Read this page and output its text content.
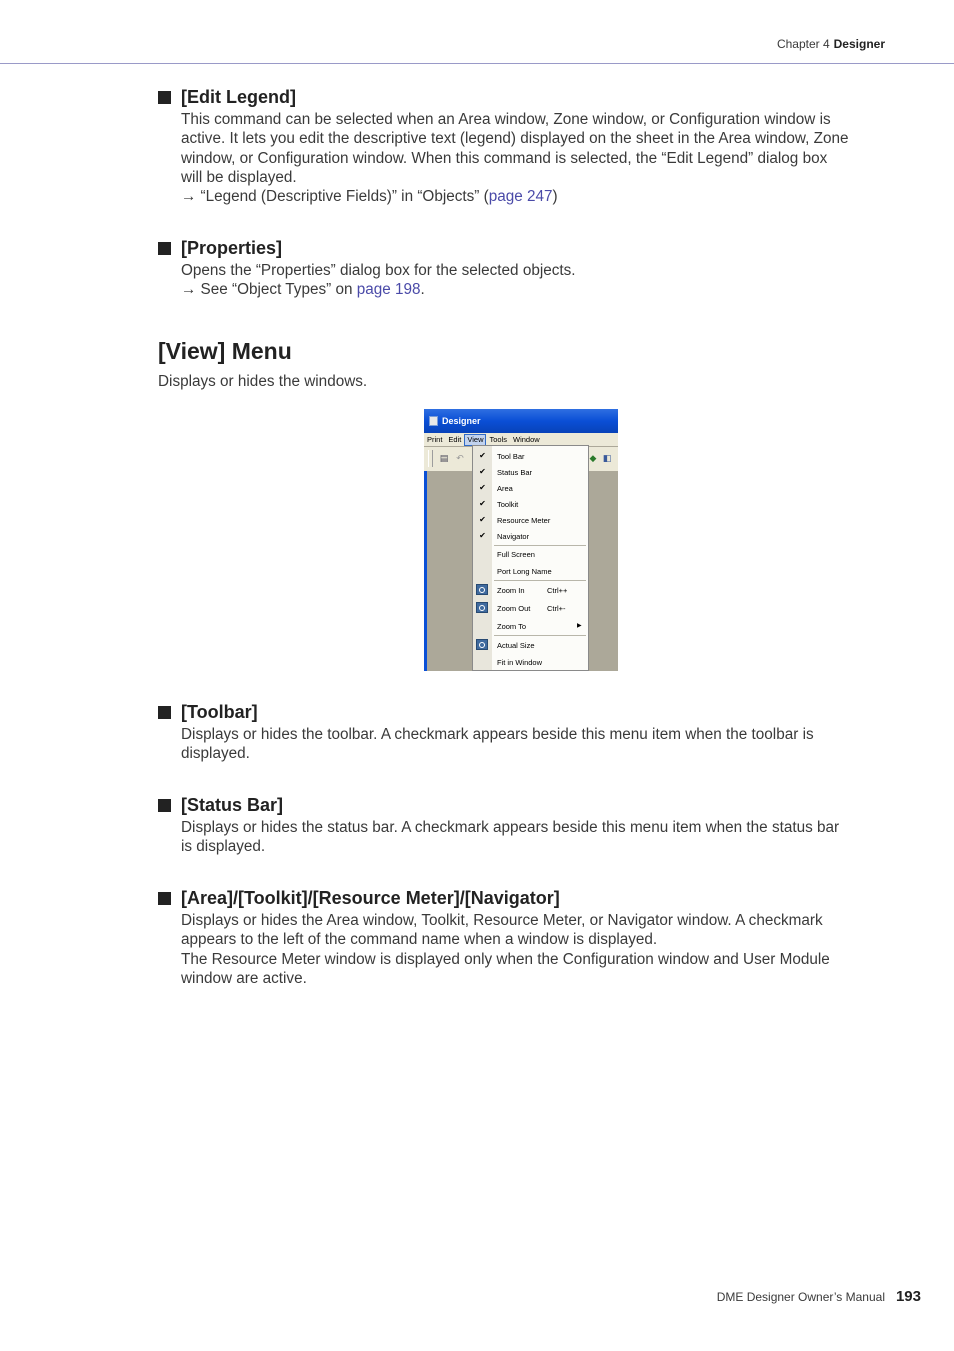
Chapter 4 Designer
[Edit Legend]
This command can be selected when an Area window, Zone window, or Configuration window is
active. It lets you edit the descriptive text (legend) displayed on the sheet in the Area window, Zone
window, or Configuration window. When this command is selected, the “Edit Legend” dialog box
will be displayed.
→ “Legend (Descriptive Fields)” in “Objects” (page 247)
[Properties]
Opens the “Properties” dialog box for the selected objects.
→ See “Object Types” on page 198.
[View] Menu
Displays or hides the windows.
Designer
Print Edit View Tools Window
▤ ↶	◆ ◧
✔ Tool Bar
✔ Status Bar
✔ Area
✔ Toolkit
✔ Resource Meter
✔ Navigator
Full Screen
Port Long Name
Zoom In	Ctrl++
Zoom Out Ctrl+-
Zoom To	▶
Actual Size
Fit in Window
[Toolbar]
Displays or hides the toolbar. A checkmark appears beside this menu item when the toolbar is
displayed.
[Status Bar]
Displays or hides the status bar. A checkmark appears beside this menu item when the status bar
is displayed.
[Area]/[Toolkit]/[Resource Meter]/[Navigator]
Displays or hides the Area window, Toolkit, Resource Meter, or Navigator window. A checkmark
appears to the left of the command name when a window is displayed.
The Resource Meter window is displayed only when the Configuration window and User Module
window are active.
DME Designer Owner’s Manual 193
